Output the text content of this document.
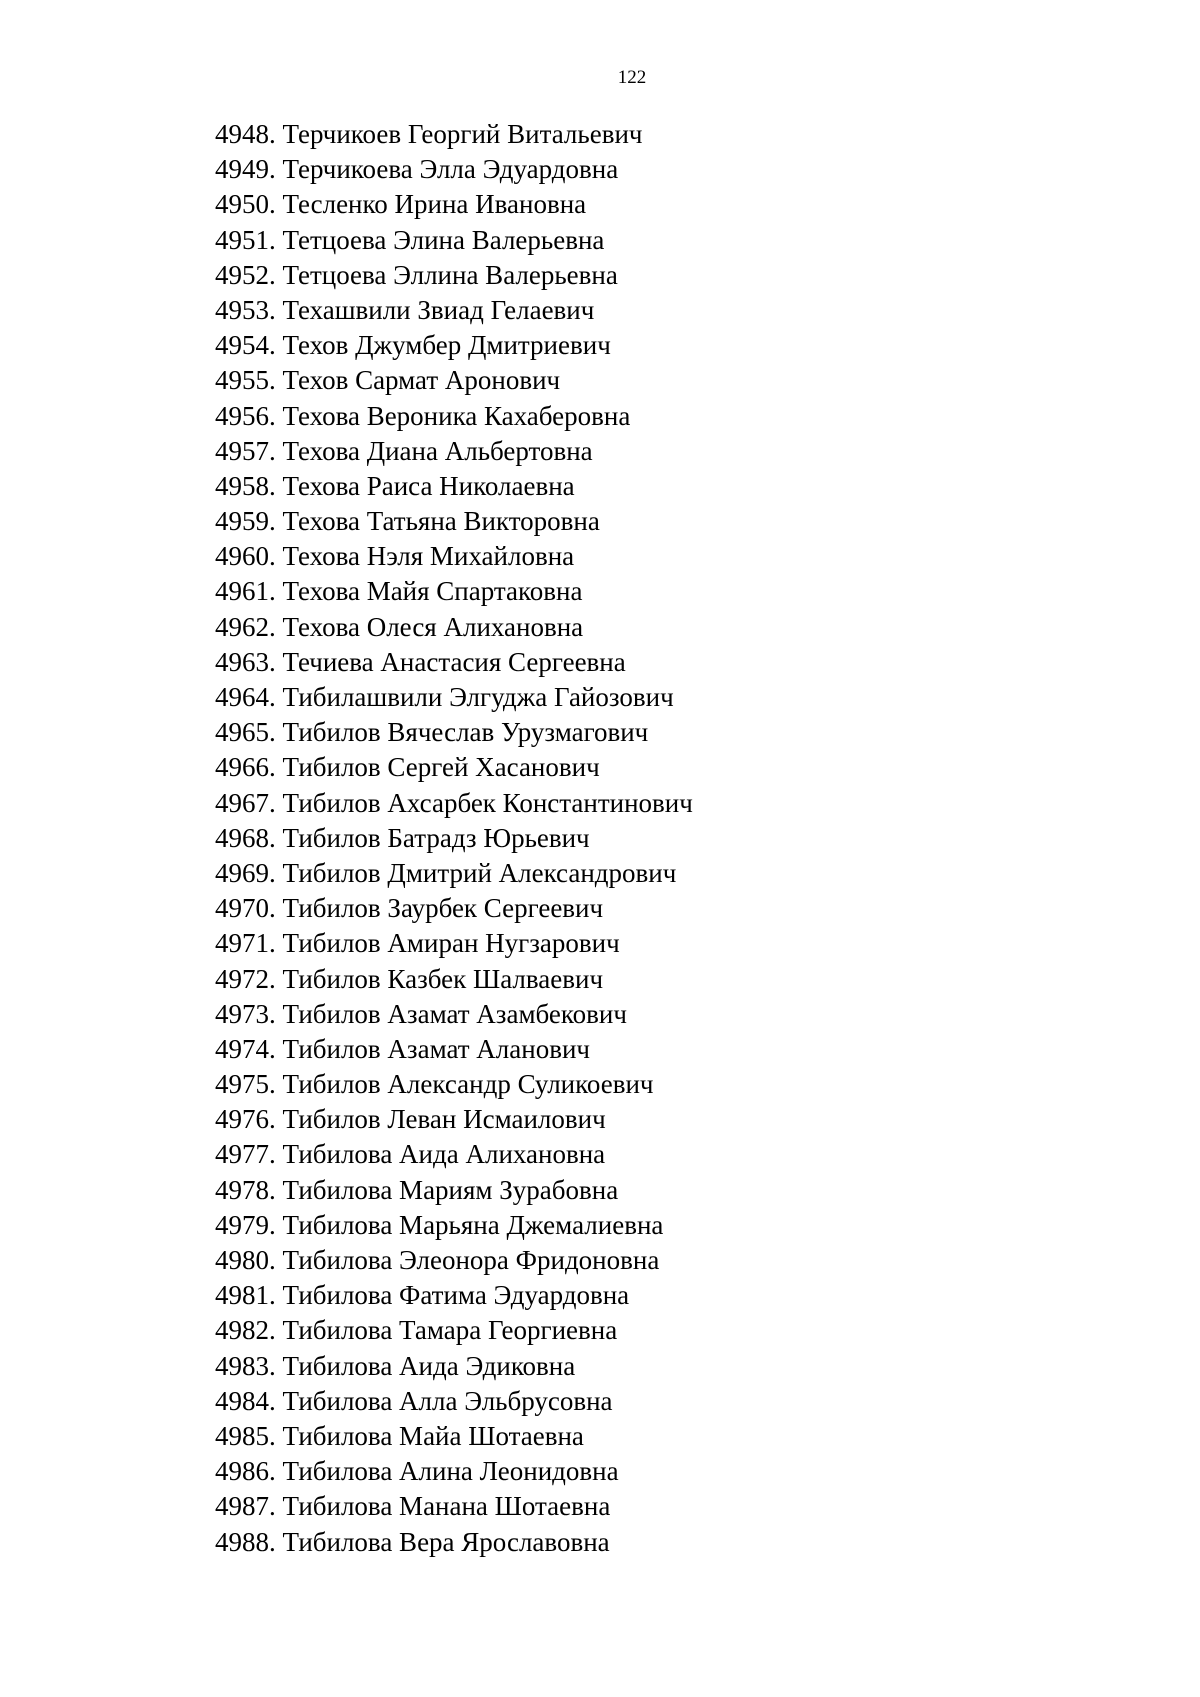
122
4948. Терчикоев Георгий Витальевич
4949. Терчикоева Элла Эдуардовна
4950. Тесленко Ирина Ивановна
4951. Тетцоева Элина Валерьевна
4952. Тетцоева Эллина Валерьевна
4953. Техашвили Звиад Гелаевич
4954. Техов Джумбер Дмитриевич
4955. Техов Сармат Аронович
4956. Техова Вероника Кахаберовна
4957. Техова Диана Альбертовна
4958. Техова Раиса Николаевна
4959. Техова Татьяна Викторовна
4960. Техова Нэля Михайловна
4961. Техова Майя Спартаковна
4962. Техова Олеся Алихановна
4963. Течиева Анастасия Сергеевна
4964. Тибилашвили Элгуджа Гайозович
4965. Тибилов Вячеслав Урузмагович
4966. Тибилов Сергей Хасанович
4967. Тибилов Ахсарбек Константинович
4968. Тибилов Батрадз Юрьевич
4969. Тибилов Дмитрий Александрович
4970. Тибилов Заурбек Сергеевич
4971. Тибилов Амиран Нугзарович
4972. Тибилов Казбек Шалваевич
4973. Тибилов Азамат Азамбекович
4974. Тибилов Азамат Аланович
4975. Тибилов Александр Суликоевич
4976. Тибилов Леван Исмаилович
4977. Тибилова Аида Алихановна
4978. Тибилова Мариям Зурабовна
4979. Тибилова Марьяна Джемалиевна
4980. Тибилова Элеонора Фридоновна
4981. Тибилова Фатима Эдуардовна
4982. Тибилова Тамара Георгиевна
4983. Тибилова Аида Эдиковна
4984. Тибилова Алла Эльбрусовна
4985. Тибилова Майа Шотаевна
4986. Тибилова Алина Леонидовна
4987. Тибилова Манана Шотаевна
4988. Тибилова Вера Ярославовна
